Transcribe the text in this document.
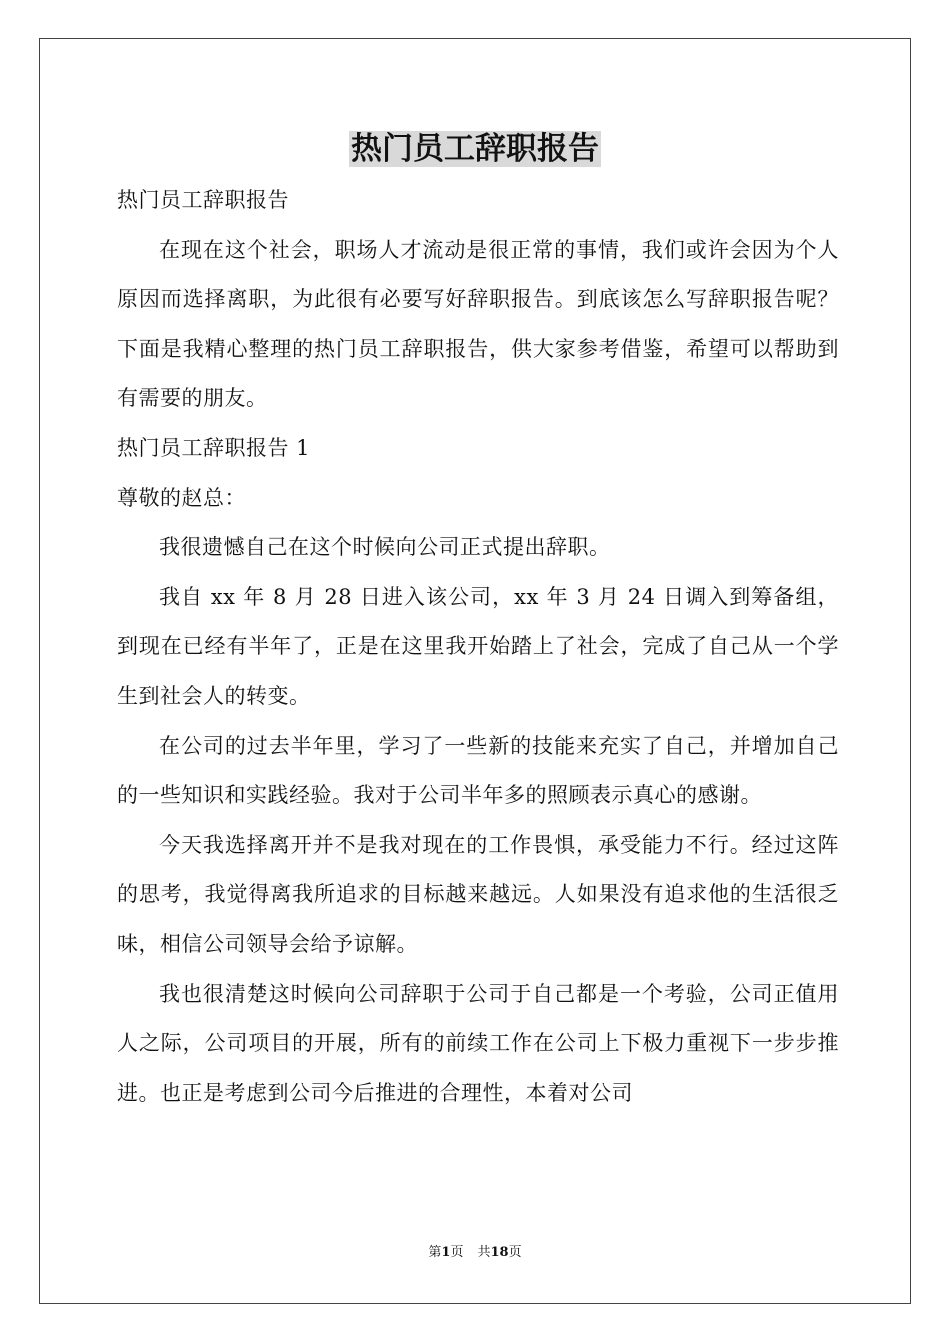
热门员工辞职报告

热门员工辞职报告

在现在这个社会，职场人才流动是很正常的事情，我们或许会因为个人原因而选择离职，为此很有必要写好辞职报告。到底该怎么写辞职报告呢？下面是我精心整理的热门员工辞职报告，供大家参考借鉴，希望可以帮助到有需要的朋友。

热门员工辞职报告 1

尊敬的赵总：

我很遗憾自己在这个时候向公司正式提出辞职。

我自 xx 年 8 月 28 日进入该公司，xx 年 3 月 24 日调入到筹备组，到现在已经有半年了，正是在这里我开始踏上了社会，完成了自己从一个学生到社会人的转变。

在公司的过去半年里，学习了一些新的技能来充实了自己，并增加自己的一些知识和实践经验。我对于公司半年多的照顾表示真心的感谢。

今天我选择离开并不是我对现在的工作畏惧，承受能力不行。经过这阵的思考，我觉得离我所追求的目标越来越远。人如果没有追求他的生活很乏味，相信公司领导会给予谅解。

我也很清楚这时候向公司辞职于公司于自己都是一个考验，公司正值用人之际，公司项目的开展，所有的前续工作在公司上下极力重视下一步步推进。也正是考虑到公司今后推进的合理性，本着对公司

第1页 共18页
